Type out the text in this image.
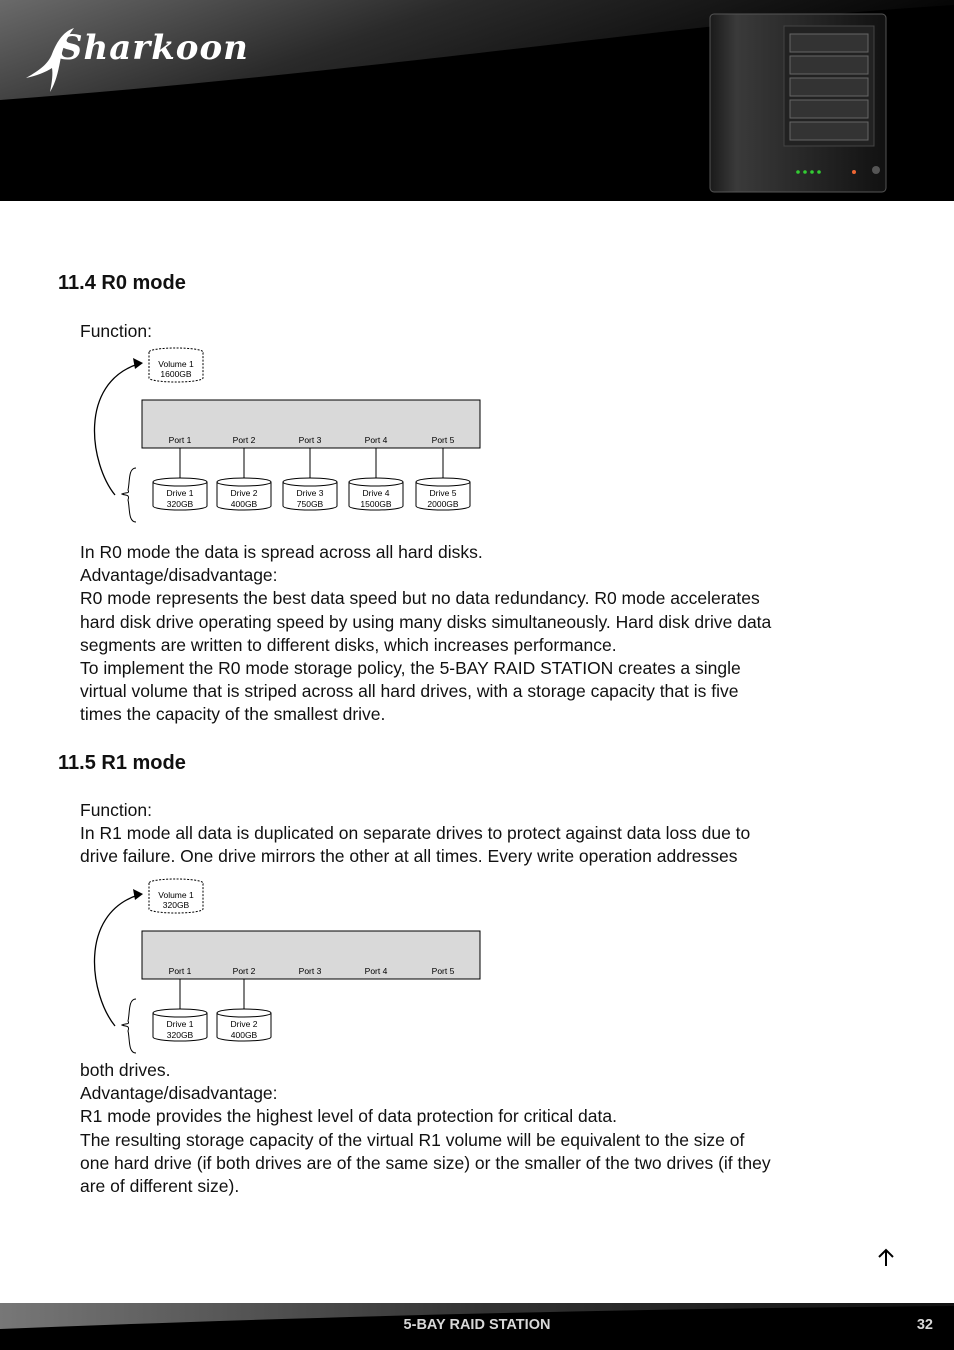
Sharkoon
11.4 R0 mode

Function:

Volume 1
1600GB
Port 1	Port 2	Port 3	Port 4	Port 5
Drive 1
320GB
Drive 2
400GB
Drive 3
750GB
Drive 4
1500GB
Drive 5
2000GB

In R0 mode the data is spread across all hard disks.

Advantage/disadvantage:

R0 mode represents the best data speed but no data redundancy. R0 mode accelerates

hard disk drive operating speed by using many disks simultaneously. Hard disk drive data

segments are written to different disks, which increases performance.

To implement the R0 mode storage policy, the 5-BAY RAID STATION creates a single

virtual volume that is striped across all hard drives, with a storage capacity that is five

times the capacity of the smallest drive.

11.5 R1 mode

Function:

In R1 mode all data is duplicated on separate drives to protect against data loss due to

drive failure. One drive mirrors the other at all times. Every write operation addresses

Volume 1
320GB
Port 1	Port 2	Port 3	Port 4	Port 5
Drive 1
320GB
Drive 2
400GB

both drives.

Advantage/disadvantage:

R1 mode provides the highest level of data protection for critical data.

The resulting storage capacity of the virtual R1 volume will be equivalent to the size of

one hard drive (if both drives are of the same size) or the smaller of the two drives (if they

are of different size).

5-BAY RAID STATION	32
